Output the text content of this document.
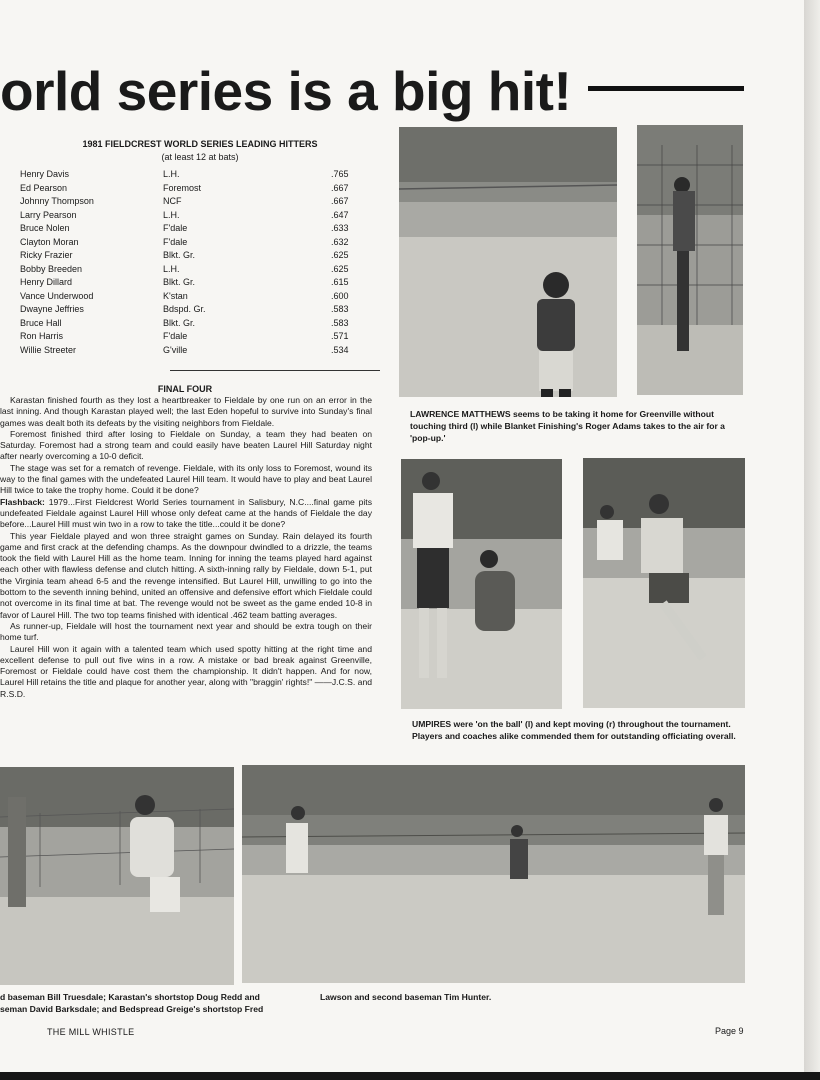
orld series is a big hit!
1981 FIELDCREST WORLD SERIES LEADING HITTERS
(at least 12 at bats)
Henry Davis	L.H.	.765
Ed Pearson	Foremost	.667
Johnny Thompson	NCF	.667
Larry Pearson	L.H.	.647
Bruce Nolen	F'dale	.633
Clayton Moran	F'dale	.632
Ricky Frazier	Blkt. Gr.	.625
Bobby Breeden	L.H.	.625
Henry Dillard	Blkt. Gr.	.615
Vance Underwood	K'stan	.600
Dwayne Jeffries	Bdspd. Gr.	.583
Bruce Hall	Blkt. Gr.	.583
Ron Harris	F'dale	.571
Willie Streeter	G'ville	.534
FINAL FOUR

Karastan finished fourth as they lost a heartbreaker to Fieldale by one run on an error in the last inning. And though Karastan played well; the last Eden hopeful to survive into Sunday's final games was dealt both its defeats by the visiting neighbors from Fieldale.

Foremost finished third after losing to Fieldale on Sunday, a team they had beaten on Saturday. Foremost had a strong team and could easily have beaten Laurel Hill Saturday night after nearly overcoming a 10-0 deficit.

The stage was set for a rematch of revenge. Fieldale, with its only loss to Foremost, wound its way to the final games with the undefeated Laurel Hill team. It would have to play and beat Laurel Hill twice to take the trophy home. Could it be done?

Flashback: 1979...First Fieldcrest World Series tournament in Salisbury, N.C....final game pits undefeated Fieldale against Laurel Hill whose only defeat came at the hands of Fieldale the day before...Laurel Hill must win two in a row to take the title...could it be done?

This year Fieldale played and won three straight games on Sunday. Rain delayed its fourth game and first crack at the defending champs. As the downpour dwindled to a drizzle, the teams took the field with Laurel Hill as the home team. Inning for inning the teams played hard against each other with flawless defense and clutch hitting. A sixth-inning rally by Fieldale, down 5-1, put the Virginia team ahead 6-5 and the revenge intensified. But Laurel Hill, unwilling to go into the bottom to the seventh inning behind, united an offensive and defensive effort which Fieldale could not overcome in its final time at bat. The revenge would not be sweet as the game ended 10-8 in favor of Laurel Hill. The two top teams finished with identical .462 team batting averages.

As runner-up, Fieldale will host the tournament next year and should be extra tough on their home turf.

Laurel Hill won it again with a talented team which used spotty hitting at the right time and excellent defense to pull out five wins in a row. A mistake or bad break against Greenville, Foremost or Fieldale could have cost them the championship. It didn't happen. And for now, Laurel Hill retains the title and plaque for another year, along with "braggin' rights!" ——J.C.S. and R.S.D.

LAWRENCE MATTHEWS seems to be taking it home for Greenville without touching third (l) while Blanket Finishing's Roger Adams takes to the air for a 'pop-up.'
UMPIRES were 'on the ball' (l) and kept moving (r) throughout the tournament. Players and coaches alike commended them for outstanding officiating overall.
d baseman Bill Truesdale; Karastan's shortstop Doug Redd and
seman David Barksdale; and Bedspread Greige's shortstop Fred
Lawson and second baseman Tim Hunter.
THE MILL WHISTLE	Page 9
